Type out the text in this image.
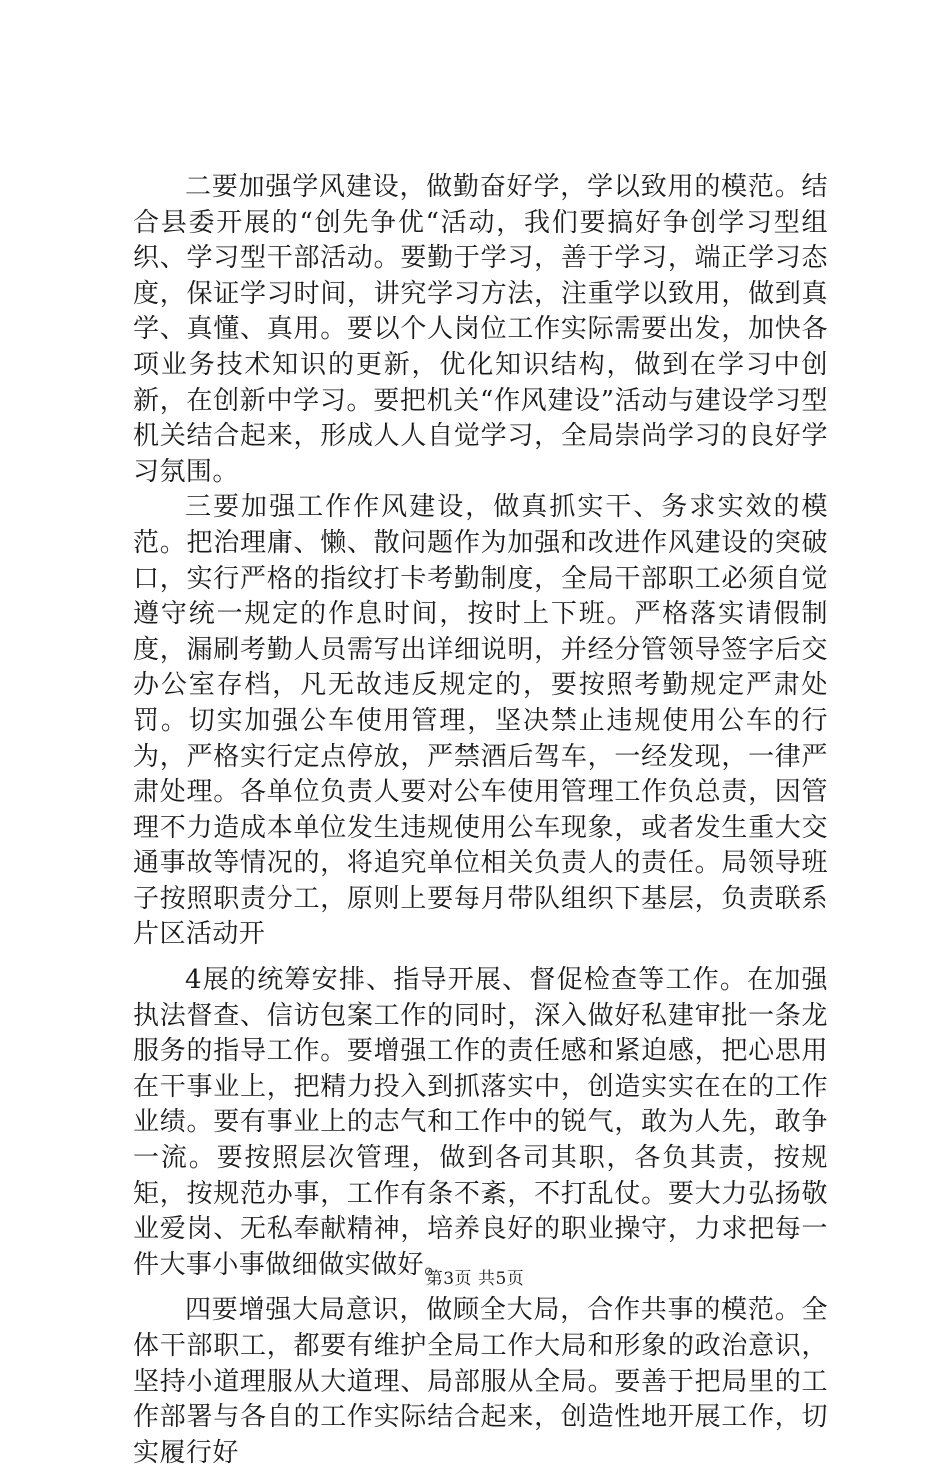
二要加强学风建设，做勤奋好学，学以致用的模范。结合县委开展的“创先争优“活动，我们要搞好争创学习型组织、学习型干部活动。要勤于学习，善于学习，端正学习态度，保证学习时间，讲究学习方法，注重学以致用，做到真学、真懂、真用。要以个人岗位工作实际需要出发，加快各项业务技术知识的更新，优化知识结构，做到在学习中创新，在创新中学习。要把机关“作风建设”活动与建设学习型机关结合起来，形成人人自觉学习，全局崇尚学习的良好学习氛围。

三要加强工作作风建设，做真抓实干、务求实效的模范。把治理庸、懒、散问题作为加强和改进作风建设的突破口，实行严格的指纹打卡考勤制度，全局干部职工必须自觉遵守统一规定的作息时间，按时上下班。严格落实请假制度，漏刷考勤人员需写出详细说明，并经分管领导签字后交办公室存档，凡无故违反规定的，要按照考勤规定严肃处罚。切实加强公车使用管理，坚决禁止违规使用公车的行为，严格实行定点停放，严禁酒后驾车，一经发现，一律严肃处理。各单位负责人要对公车使用管理工作负总责，因管理不力造成本单位发生违规使用公车现象，或者发生重大交通事故等情况的，将追究单位相关负责人的责任。局领导班子按照职责分工，原则上要每月带队组织下基层，负责联系片区活动开

4展的统筹安排、指导开展、督促检查等工作。在加强执法督查、信访包案工作的同时，深入做好私建审批一条龙服务的指导工作。要增强工作的责任感和紧迫感，把心思用在干事业上，把精力投入到抓落实中，创造实实在在的工作业绩。要有事业上的志气和工作中的锐气，敢为人先，敢争一流。要按照层次管理，做到各司其职，各负其责，按规矩，按规范办事，工作有条不紊，不打乱仗。要大力弘扬敬业爱岗、无私奉献精神，培养良好的职业操守，力求把每一件大事小事做细做实做好。

四要增强大局意识，做顾全大局，合作共事的模范。全体干部职工，都要有维护全局工作大局和形象的政治意识，坚持小道理服从大道理、局部服从全局。要善于把局里的工作部署与各自的工作实际结合起来，创造性地开展工作，切实履行好

第3页 共5页
